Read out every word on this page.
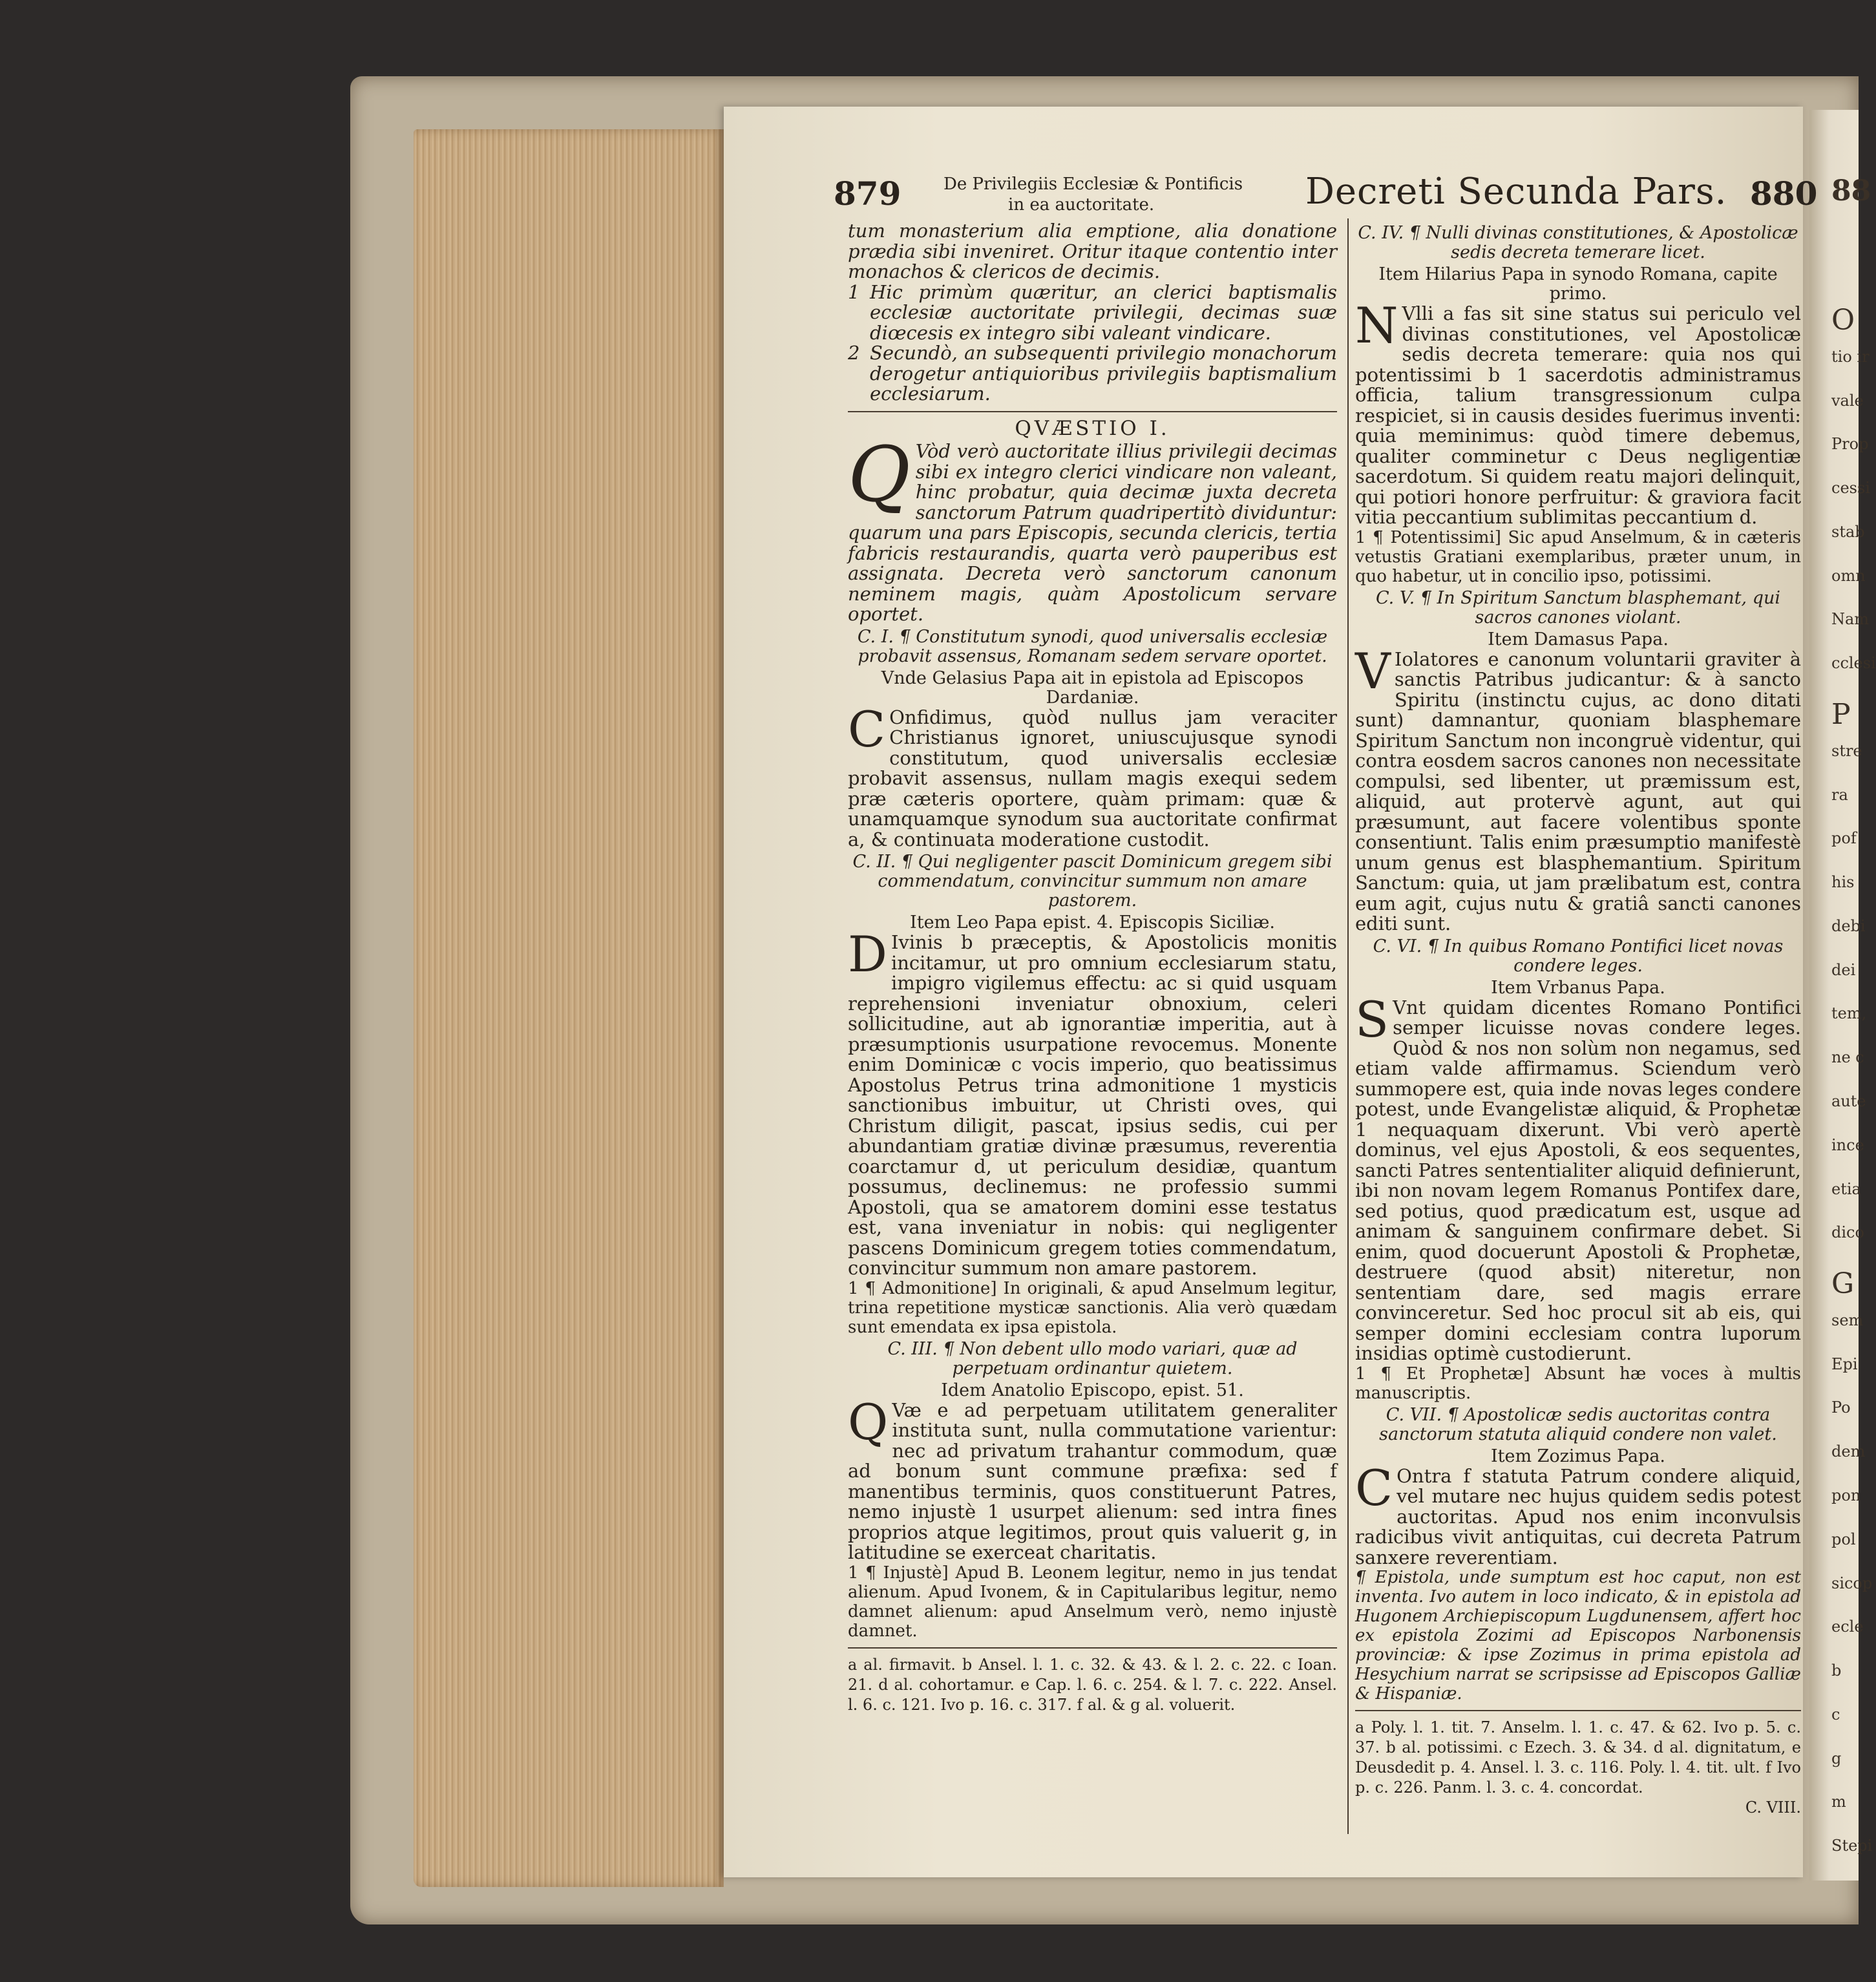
88
O
tio ir
vale
Prop
cessi
stab
omn
Nam
cclesi
P
stre
ra
pof
his
debi
dei
tem,
ne c
aute
ince
etia
dico
G
sem
Epi
Po
dem
pon
pol
sicop
ecle
b
c
g
m
Stepi
879	De Privilegiis Ecclesiæ & Pontificis
in ea auctoritate.	Decreti Secunda Pars. 880

tum monasterium alia emptione, alia donatione prædia sibi inveniret. Oritur itaque contentio inter monachos & clericos de decimis.

1 Hic primùm quæritur, an clerici baptismalis ecclesiæ auctoritate privilegii, decimas suæ diœcesis ex integro sibi valeant vindicare.

2 Secundò, an subsequenti privilegio monachorum derogetur antiquioribus privilegiis baptismalium ecclesiarum.

QVÆSTIO I.

Q Vòd verò auctoritate illius privilegii decimas sibi ex integro clerici vindicare non valeant, hinc probatur, quia decimæ juxta decreta sanctorum Patrum quadripertitò dividuntur: quarum una pars Episcopis, secunda clericis, tertia fabricis restaurandis, quarta verò pauperibus est assignata. Decreta verò sanctorum canonum neminem magis, quàm Apostolicum servare oportet.

C. I. ¶ Constitutum synodi, quod universalis ecclesiæ probavit assensus, Romanam sedem servare oportet.
Vnde Gelasius Papa ait in epistola ad Episcopos Dardaniæ.

C Onfidimus, quòd nullus jam veraciter Christianus ignoret, uniuscujusque synodi constitutum, quod universalis ecclesiæ probavit assensus, nullam magis exequi sedem præ cæteris oportere, quàm primam: quæ & unamquamque synodum sua auctoritate confirmat a, & continuata moderatione custodit.

C. II. ¶ Qui negligenter pascit Dominicum gregem sibi commendatum, convincitur summum non amare pastorem.
Item Leo Papa epist. 4. Episcopis Siciliæ.

D Ivinis b præceptis, & Apostolicis monitis incitamur, ut pro omnium ecclesiarum statu, impigro vigilemus effectu: ac si quid usquam reprehensioni inveniatur obnoxium, celeri sollicitudine, aut ab ignorantiæ imperitia, aut à præsumptionis usurpatione revocemus. Monente enim Dominicæ c vocis imperio, quo beatissimus Apostolus Petrus trina admonitione 1 mysticis sanctionibus imbuitur, ut Christi oves, qui Christum diligit, pascat, ipsius sedis, cui per abundantiam gratiæ divinæ præsumus, reverentia coarctamur d, ut periculum desidiæ, quantum possumus, declinemus: ne professio summi Apostoli, qua se amatorem domini esse testatus est, vana inveniatur in nobis: qui negligenter pascens Dominicum gregem toties commendatum, convincitur summum non amare pastorem.

1 ¶ Admonitione] In originali, & apud Anselmum legitur, trina repetitione mysticæ sanctionis. Alia verò quædam sunt emendata ex ipsa epistola.

C. III. ¶ Non debent ullo modo variari, quæ ad perpetuam ordinantur quietem.
Idem Anatolio Episcopo, epist. 51.

Q Væ e ad perpetuam utilitatem generaliter instituta sunt, nulla commutatione varientur: nec ad privatum trahantur commodum, quæ ad bonum sunt commune præfixa: sed f manentibus terminis, quos constituerunt Patres, nemo injustè 1 usurpet alienum: sed intra fines proprios atque legitimos, prout quis valuerit g, in latitudine se exerceat charitatis.

1 ¶ Injustè] Apud B. Leonem legitur, nemo in jus tendat alienum. Apud Ivonem, & in Capitularibus legitur, nemo damnet alienum: apud Anselmum verò, nemo injustè damnet.

a al. firmavit. b Ansel. l. 1. c. 32. & 43. & l. 2. c. 22. c Ioan. 21. d al. cohortamur. e Cap. l. 6. c. 254. & l. 7. c. 222. Ansel. l. 6. c. 121. Ivo p. 16. c. 317. f al. & g al. voluerit.

C. IV. ¶ Nulli divinas constitutiones, & Apostolicæ sedis decreta temerare licet.
Item Hilarius Papa in synodo Romana, capite primo.

N Vlli a fas sit sine status sui periculo vel divinas constitutiones, vel Apostolicæ sedis decreta temerare: quia nos qui potentissimi b 1 sacerdotis administramus officia, talium transgressionum culpa respiciet, si in causis desides fuerimus inventi: quia meminimus: quòd timere debemus, qualiter comminetur c Deus negligentiæ sacerdotum. Si quidem reatu majori delinquit, qui potiori honore perfruitur: & graviora facit vitia peccantium sublimitas peccantium d.

1 ¶ Potentissimi] Sic apud Anselmum, & in cæteris vetustis Gratiani exemplaribus, præter unum, in quo habetur, ut in concilio ipso, potissimi.

C. V. ¶ In Spiritum Sanctum blasphemant, qui sacros canones violant.
Item Damasus Papa.

V Iolatores e canonum voluntarii graviter à sanctis Patribus judicantur: & à sancto Spiritu (instinctu cujus, ac dono ditati sunt) damnantur, quoniam blasphemare Spiritum Sanctum non incongruè videntur, qui contra eosdem sacros canones non necessitate compulsi, sed libenter, ut præmissum est, aliquid, aut protervè agunt, aut qui præsumunt, aut facere volentibus sponte consentiunt. Talis enim præsumptio manifestè unum genus est blasphemantium. Spiritum Sanctum: quia, ut jam prælibatum est, contra eum agit, cujus nutu & gratiâ sancti canones editi sunt.

C. VI. ¶ In quibus Romano Pontifici licet novas condere leges.
Item Vrbanus Papa.

S Vnt quidam dicentes Romano Pontifici semper licuisse novas condere leges. Quòd & nos non solùm non negamus, sed etiam valde affirmamus. Sciendum verò summopere est, quia inde novas leges condere potest, unde Evangelistæ aliquid, & Prophetæ 1 nequaquam dixerunt. Vbi verò apertè dominus, vel ejus Apostoli, & eos sequentes, sancti Patres sententialiter aliquid definierunt, ibi non novam legem Romanus Pontifex dare, sed potius, quod prædicatum est, usque ad animam & sanguinem confirmare debet. Si enim, quod docuerunt Apostoli & Prophetæ, destruere (quod absit) niteretur, non sententiam dare, sed magis errare convinceretur. Sed hoc procul sit ab eis, qui semper domini ecclesiam contra luporum insidias optimè custodierunt.

1 ¶ Et Prophetæ] Absunt hæ voces à multis manuscriptis.

C. VII. ¶ Apostolicæ sedis auctoritas contra sanctorum statuta aliquid condere non valet.
Item Zozimus Papa.

C Ontra f statuta Patrum condere aliquid, vel mutare nec hujus quidem sedis potest auctoritas. Apud nos enim inconvulsis radicibus vivit antiquitas, cui decreta Patrum sanxere reverentiam.

¶ Epistola, unde sumptum est hoc caput, non est inventa. Ivo autem in loco indicato, & in epistola ad Hugonem Archiepiscopum Lugdunensem, affert hoc ex epistola Zozimi ad Episcopos Narbonensis provinciæ: & ipse Zozimus in prima epistola ad Hesychium narrat se scripsisse ad Episcopos Galliæ & Hispaniæ.

a Poly. l. 1. tit. 7. Anselm. l. 1. c. 47. & 62. Ivo p. 5. c. 37. b al. potissimi. c Ezech. 3. & 34. d al. dignitatum, e Deusdedit p. 4. Ansel. l. 3. c. 116. Poly. l. 4. tit. ult. f Ivo p. c. 226. Panm. l. 3. c. 4. concordat.

C. VIII.
